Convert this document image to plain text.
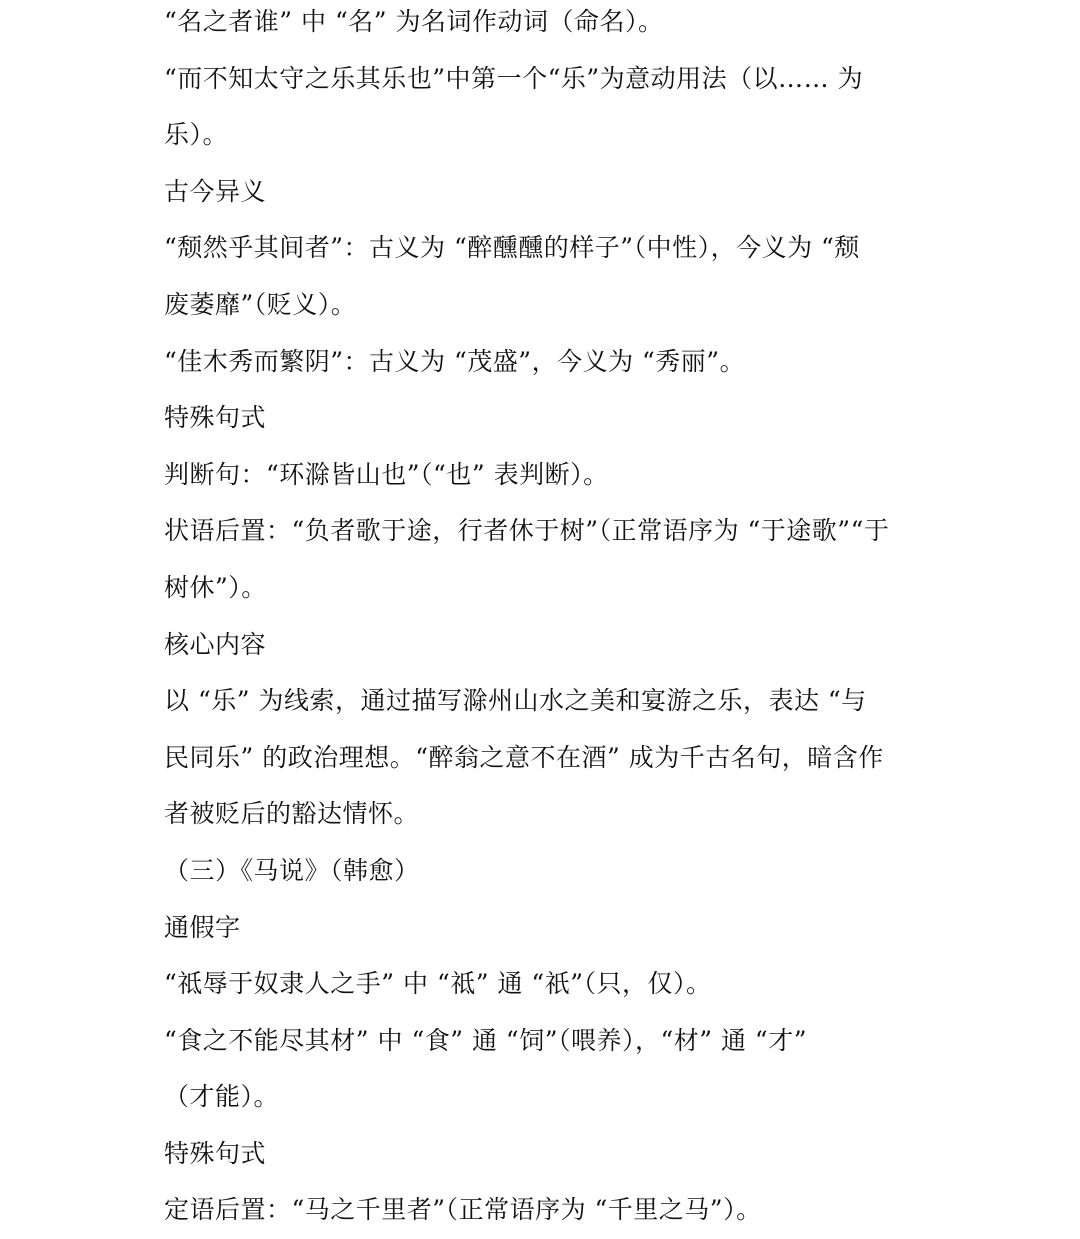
“名之者谁” 中 “名” 为名词作动词（命名）。
“而不知太守之乐其乐也”中第一个“乐”为意动用法（以…… 为
乐）。
古今异义
“颓然乎其间者”：古义为 “醉醺醺的样子”（中性），今义为 “颓
废萎靡”（贬义）。
“佳木秀而繁阴”：古义为 “茂盛”，今义为 “秀丽”。
特殊句式
判断句：“环滁皆山也”（“也” 表判断）。
状语后置：“负者歌于途，行者休于树”（正常语序为 “于途歌”“于
树休”）。
核心内容
以 “乐” 为线索，通过描写滁州山水之美和宴游之乐，表达 “与
民同乐” 的政治理想。“醉翁之意不在酒” 成为千古名句，暗含作
者被贬后的豁达情怀。
（三）《马说》（韩愈）
通假字
“祗辱于奴隶人之手” 中 “祗” 通 “祇”（只，仅）。
“食之不能尽其材” 中 “食” 通 “饲”（喂养），“材” 通 “才”
（才能）。
特殊句式
定语后置：“马之千里者”（正常语序为 “千里之马”）。
